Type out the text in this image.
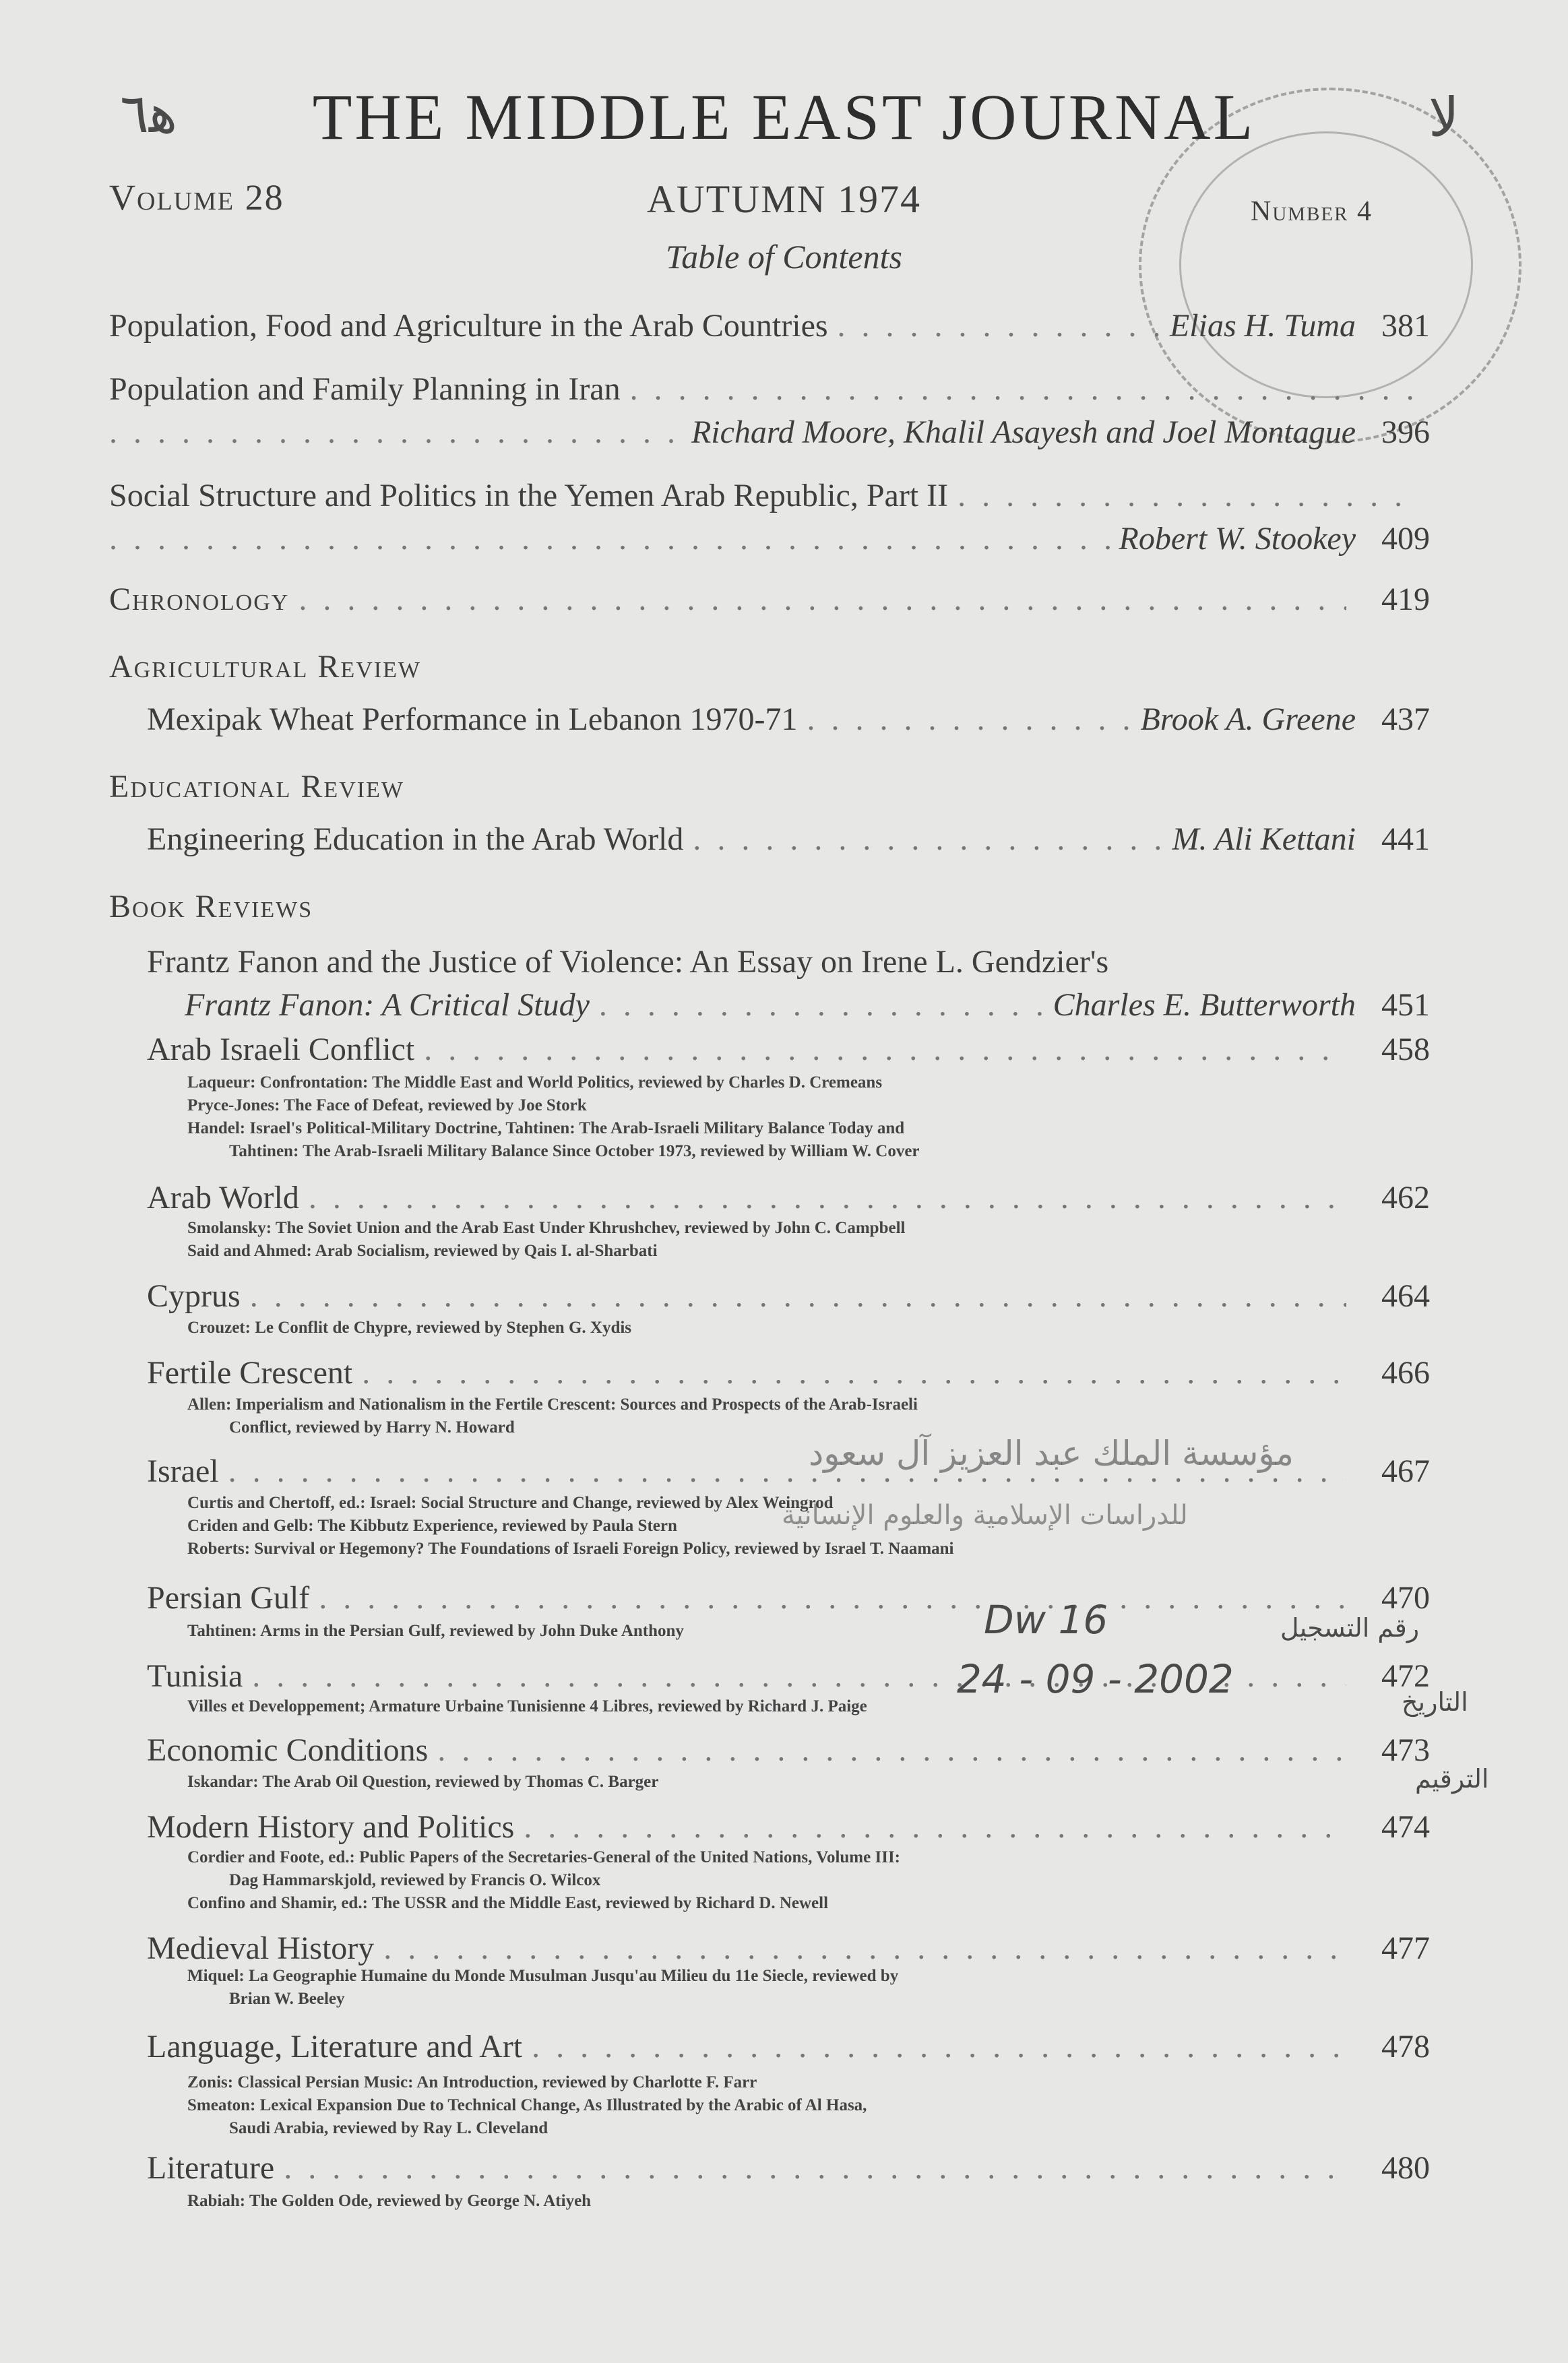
ﻫ٦	ﻟﺎ
THE MIDDLE EAST JOURNAL
Volume 28	AUTUMN 1974	Number 4
Table of Contents
Population, Food and Agriculture in the Arab Countries . . .	Elias H. Tuma 381
Population and Family Planning in Iran
. . .
. . .
Richard Moore, Khalil Asayesh and Joel Montague 396
Social Structure and Politics in the Yemen Arab Republic, Part II
. . .
. . .
Robert W. Stookey 409
Chronology . . .	419
Agricultural Review
Mexipak Wheat Performance in Lebanon 1970-71 . . .	Brook A. Greene 437
Educational Review
Engineering Education in the Arab World . . .	M. Ali Kettani 441
Book Reviews
Frantz Fanon and the Justice of Violence: An Essay on Irene L. Gendzier's
Frantz Fanon: A Critical Study . . .	Charles E. Butterworth 451
Arab Israeli Conflict . . .	458
Laqueur: Confrontation: The Middle East and World Politics, reviewed by Charles D. Cremeans
Pryce-Jones: The Face of Defeat, reviewed by Joe Stork
Handel: Israel's Political-Military Doctrine, Tahtinen: The Arab-Israeli Military Balance Today and
Tahtinen: The Arab-Israeli Military Balance Since October 1973, reviewed by William W. Cover
Arab World . . .	462
Smolansky: The Soviet Union and the Arab East Under Khrushchev, reviewed by John C. Campbell
Said and Ahmed: Arab Socialism, reviewed by Qais I. al-Sharbati
Cyprus . . .	464
Crouzet: Le Conflit de Chypre, reviewed by Stephen G. Xydis
Fertile Crescent . . .	466
Allen: Imperialism and Nationalism in the Fertile Crescent: Sources and Prospects of the Arab-Israeli
Conflict, reviewed by Harry N. Howard
Israel . . .	467
Curtis and Chertoff, ed.: Israel: Social Structure and Change, reviewed by Alex Weingrod
Criden and Gelb: The Kibbutz Experience, reviewed by Paula Stern
Roberts: Survival or Hegemony? The Foundations of Israeli Foreign Policy, reviewed by Israel T. Naamani
Persian Gulf . . .	470
Tahtinen: Arms in the Persian Gulf, reviewed by John Duke Anthony
Tunisia . . .	472
Villes et Developpement; Armature Urbaine Tunisienne 4 Libres, reviewed by Richard J. Paige
Economic Conditions . . .	473
Iskandar: The Arab Oil Question, reviewed by Thomas C. Barger
Modern History and Politics . . .	474
Cordier and Foote, ed.: Public Papers of the Secretaries-General of the United Nations, Volume III:
Dag Hammarskjold, reviewed by Francis O. Wilcox
Confino and Shamir, ed.: The USSR and the Middle East, reviewed by Richard D. Newell
Medieval History . . .	477
Miquel: La Geographie Humaine du Monde Musulman Jusqu'au Milieu du 11e Siecle, reviewed by
Brian W. Beeley
Language, Literature and Art . . .	478
Zonis: Classical Persian Music: An Introduction, reviewed by Charlotte F. Farr
Smeaton: Lexical Expansion Due to Technical Change, As Illustrated by the Arabic of Al Hasa,
Saudi Arabia, reviewed by Ray L. Cleveland
Literature . . .	480
Rabiah: The Golden Ode, reviewed by George N. Atiyeh
مؤسسة الملك عبد العزيز آل سعود
للدراسات الإسلامية والعلوم الإنسانية
رقم التسجيل
Dw 16
التاريخ
24 - 09 - 2002
الترقيم
